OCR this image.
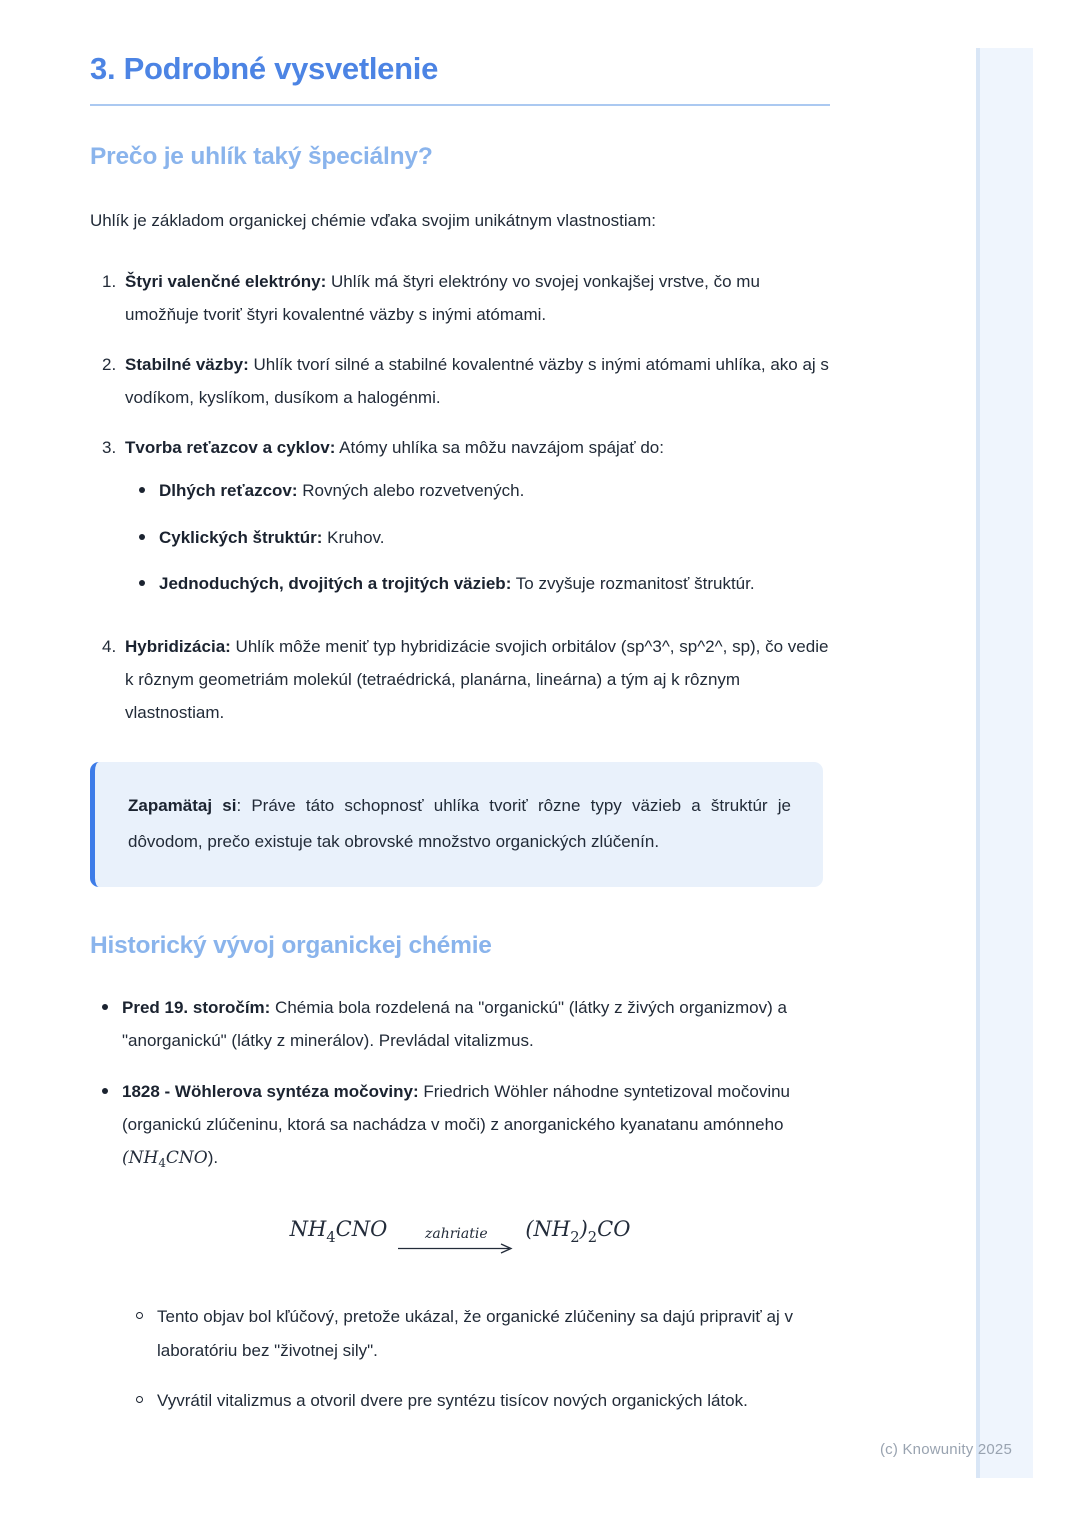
3. Podrobné vysvetlenie
Prečo je uhlík taký špeciálny?

Uhlík je základom organickej chémie vďaka svojim unikátnym vlastnostiam:

1. Štyri valenčné elektróny: Uhlík má štyri elektróny vo svojej vonkajšej vrstve, čo mu umožňuje tvoriť štyri kovalentné väzby s inými atómami.
2. Stabilné väzby: Uhlík tvorí silné a stabilné kovalentné väzby s inými atómami uhlíka, ako aj s vodíkom, kyslíkom, dusíkom a halogénmi.
3. Tvorba reťazcov a cyklov: Atómy uhlíka sa môžu navzájom spájať do:
Dlhých reťazcov: Rovných alebo rozvetvených.
Cyklických štruktúr: Kruhov.
Jednoduchých, dvojitých a trojitých väzieb: To zvyšuje rozmanitosť štruktúr.
4. Hybridizácia: Uhlík môže meniť typ hybridizácie svojich orbitálov (sp^3^, sp^2^, sp), čo vedie k rôznym geometriám molekúl (tetraédrická, planárna, lineárna) a tým aj k rôznym vlastnostiam.

Zapamätaj si: Práve táto schopnosť uhlíka tvoriť rôzne typy väzieb a štruktúr je dôvodom, prečo existuje tak obrovské množstvo organických zlúčenín.

Historický vývoj organickej chémie
Pred 19. storočím: Chémia bola rozdelená na "organickú" (látky z živých organizmov) a "anorganickú" (látky z minerálov). Prevládal vitalizmus.
1828 - Wöhlerova syntéza močoviny: Friedrich Wöhler náhodne syntetizoval močovinu (organickú zlúčeninu, ktorá sa nachádza v moči) z anorganického kyanatanu amónneho $(NH_4CNO)$.
$NH_4CNO$	zahriatie $(NH_2)_2CO$
Tento objav bol kľúčový, pretože ukázal, že organické zlúčeniny sa dajú pripraviť aj v laboratóriu bez "životnej sily".
Vyvrátil vitalizmus a otvoril dvere pre syntézu tisícov nových organických látok.
(c) Knowunity 2025
